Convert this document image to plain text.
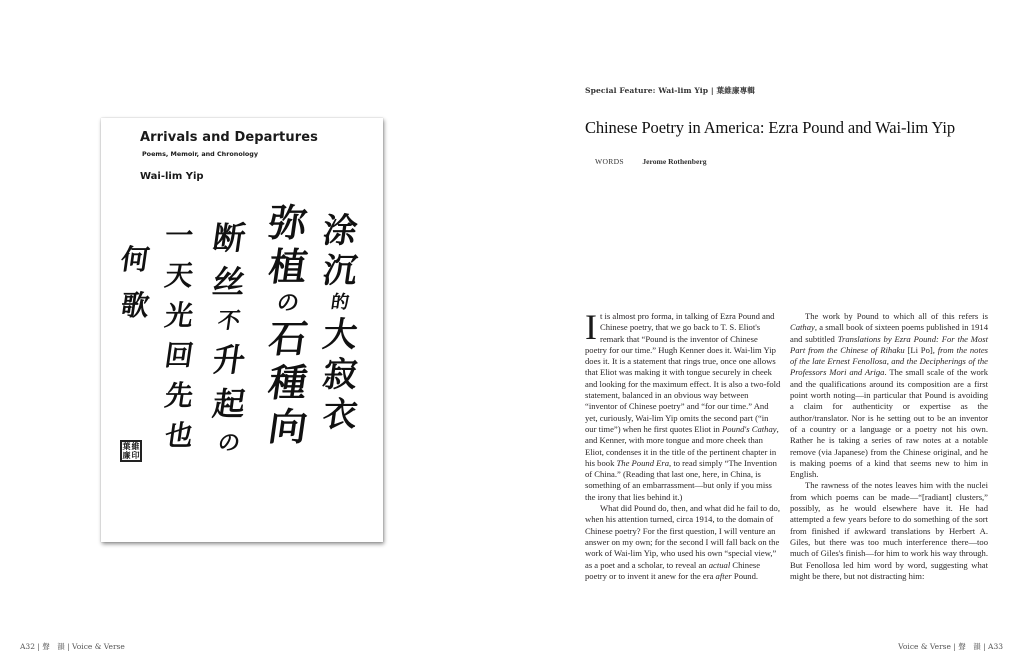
Arrivals and Departures
Poems, Memoir, and Chronology
Wai-lim Yip
涂
沉
的
大
寂
衣
弥
植
の
石
種
向
断
丝
不
升
起
の
一
天
光
回
先
也
何
歌
葉 維
廉 印
A32 | 聲　韻 | Voice & Verse
Special Feature: Wai-lim Yip | 葉維廉專輯
Chinese Poetry in America: Ezra Pound and Wai-lim Yip
WORDS Jerome Rothenberg

It is almost pro forma, in talking of Ezra Pound and Chinese poetry, that we go back to T. S. Eliot's remark that “Pound is the inventor of Chinese poetry for our time.” Hugh Kenner does it. Wai-lim Yip does it. It is a statement that rings true, once one allows that Eliot was making it with tongue securely in cheek and looking for the maximum effect. It is also a two-fold statement, balanced in an obvious way between “inventor of Chinese poetry” and “for our time.” And yet, curiously, Wai-lim Yip omits the second part (“in our time”) when he first quotes Eliot in Pound's Cathay, and Kenner, with more tongue and more cheek than Eliot, condenses it in the title of the pertinent chapter in his book The Pound Era, to read simply “The Invention of China.” (Reading that last one, here, in China, is something of an embarrassment—but only if you miss the irony that lies behind it.)

What did Pound do, then, and what did he fail to do, when his attention turned, circa 1914, to the domain of Chinese poetry? For the first question, I will venture an answer on my own; for the second I will fall back on the work of Wai-lim Yip, who used his own “special view,” as a poet and a scholar, to reveal an actual Chinese poetry or to invent it anew for the era after Pound.

The work by Pound to which all of this refers is Cathay, a small book of sixteen poems published in 1914 and subtitled Translations by Ezra Pound: For the Most Part from the Chinese of Rihaku [Li Po], from the notes of the late Ernest Fenollosa, and the Decipherings of the Professors Mori and Ariga. The small scale of the work and the qualifications around its composition are a first point worth noting—in particular that Pound is avoiding a claim for authenticity or expertise as the author/translator. Nor is he setting out to be an inventor of a country or a language or a poetry not his own. Rather he is taking a series of raw notes at a notable remove (via Japanese) from the Chinese original, and he is making poems of a kind that seems new to him in English.

The rawness of the notes leaves him with the nuclei from which poems can be made—“[radiant] clusters,” possibly, as he would elsewhere have it. He had attempted a few years before to do something of the sort from finished if awkward translations by Herbert A. Giles, but there was too much interference there—too much of Giles's finish—for him to work his way through. But Fenollosa led him word by word, suggesting what might be there, but not distracting him:

Voice & Verse | 聲　韻 | A33
